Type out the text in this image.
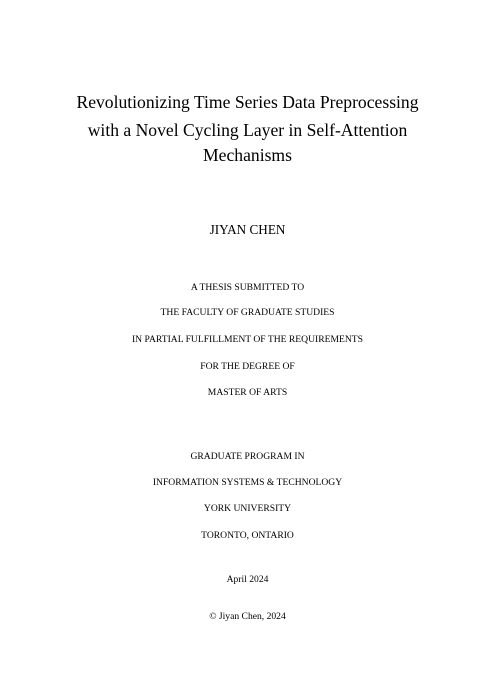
Revolutionizing Time Series Data Preprocessing
with a Novel Cycling Layer in Self-Attention
Mechanisms
JIYAN CHEN
A THESIS SUBMITTED TO
THE FACULTY OF GRADUATE STUDIES
IN PARTIAL FULFILLMENT OF THE REQUIREMENTS
FOR THE DEGREE OF
MASTER OF ARTS
GRADUATE PROGRAM IN
INFORMATION SYSTEMS & TECHNOLOGY
YORK UNIVERSITY
TORONTO, ONTARIO
April 2024
© Jiyan Chen, 2024
